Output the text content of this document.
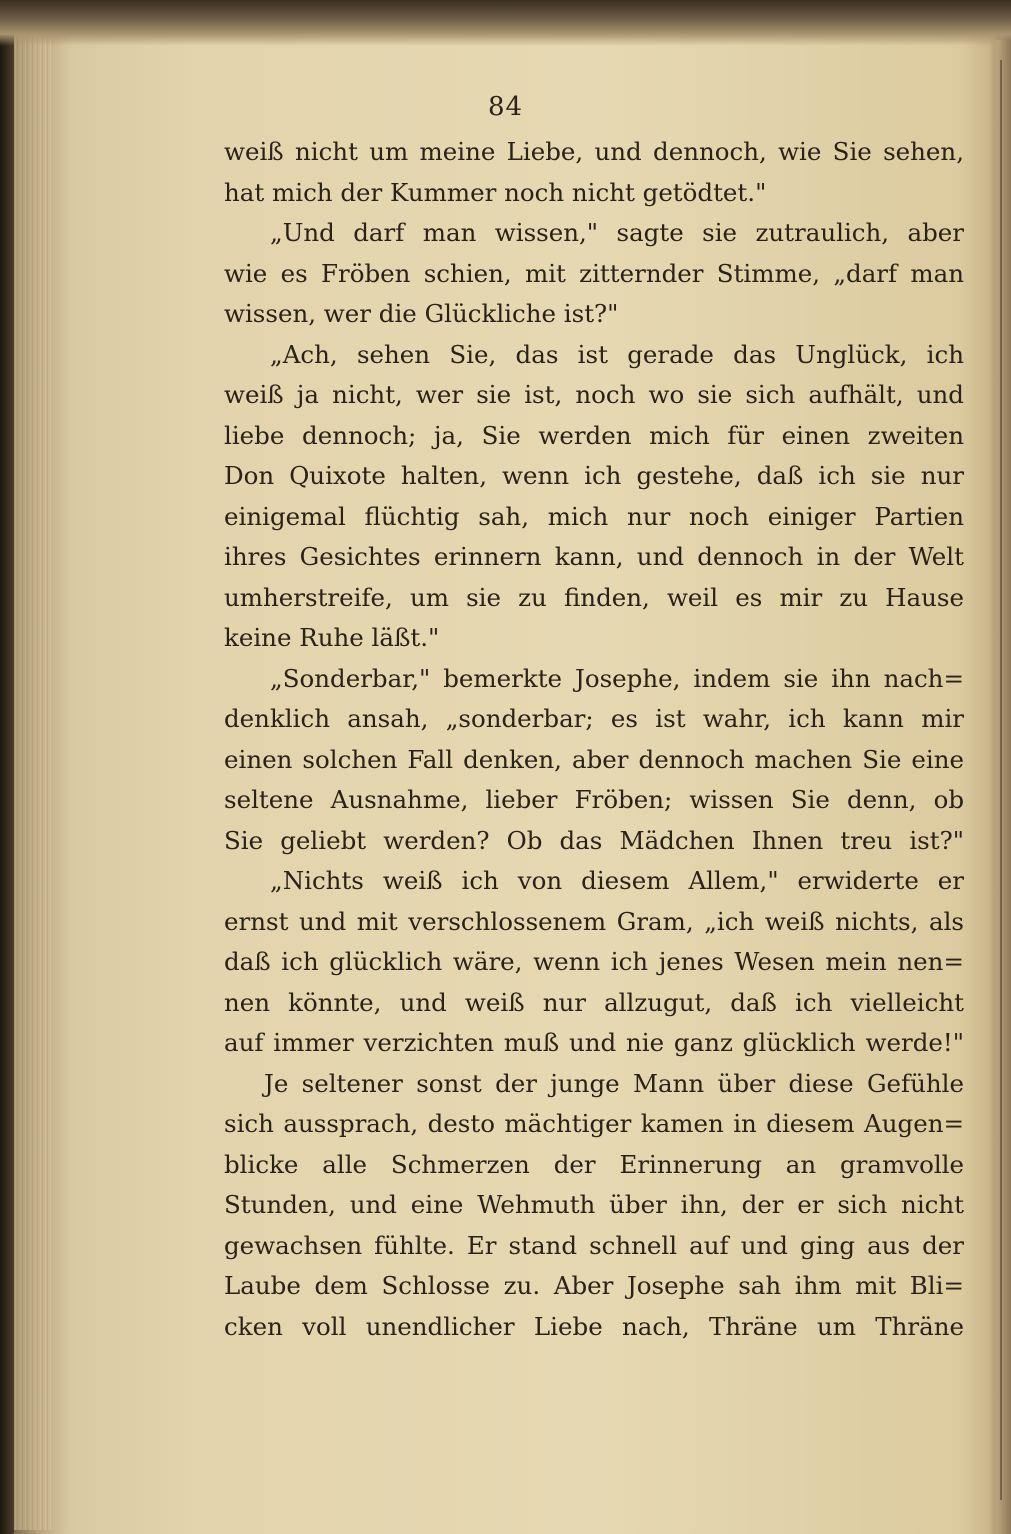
84
weiß nicht um meine Liebe, und dennoch, wie Sie sehen,
hat mich der Kummer noch nicht getödtet."
„Und darf man wissen," sagte sie zutraulich, aber
wie es Fröben schien, mit zitternder Stimme, „darf man
wissen, wer die Glückliche ist?"
„Ach, sehen Sie, das ist gerade das Unglück, ich
weiß ja nicht, wer sie ist, noch wo sie sich aufhält, und
liebe dennoch; ja, Sie werden mich für einen zweiten
Don Quixote halten, wenn ich gestehe, daß ich sie nur
einigemal flüchtig sah, mich nur noch einiger Partien
ihres Gesichtes erinnern kann, und dennoch in der Welt
umherstreife, um sie zu finden, weil es mir zu Hause
keine Ruhe läßt."
„Sonderbar," bemerkte Josephe, indem sie ihn nach=
denklich ansah, „sonderbar; es ist wahr, ich kann mir
einen solchen Fall denken, aber dennoch machen Sie eine
seltene Ausnahme, lieber Fröben; wissen Sie denn, ob
Sie geliebt werden? Ob das Mädchen Ihnen treu ist?"
„Nichts weiß ich von diesem Allem," erwiderte er
ernst und mit verschlossenem Gram, „ich weiß nichts, als
daß ich glücklich wäre, wenn ich jenes Wesen mein nen=
nen könnte, und weiß nur allzugut, daß ich vielleicht
auf immer verzichten muß und nie ganz glücklich werde!"
Je seltener sonst der junge Mann über diese Gefühle
sich aussprach, desto mächtiger kamen in diesem Augen=
blicke alle Schmerzen der Erinnerung an gramvolle
Stunden, und eine Wehmuth über ihn, der er sich nicht
gewachsen fühlte. Er stand schnell auf und ging aus der
Laube dem Schlosse zu. Aber Josephe sah ihm mit Bli=
cken voll unendlicher Liebe nach, Thräne um Thräne
